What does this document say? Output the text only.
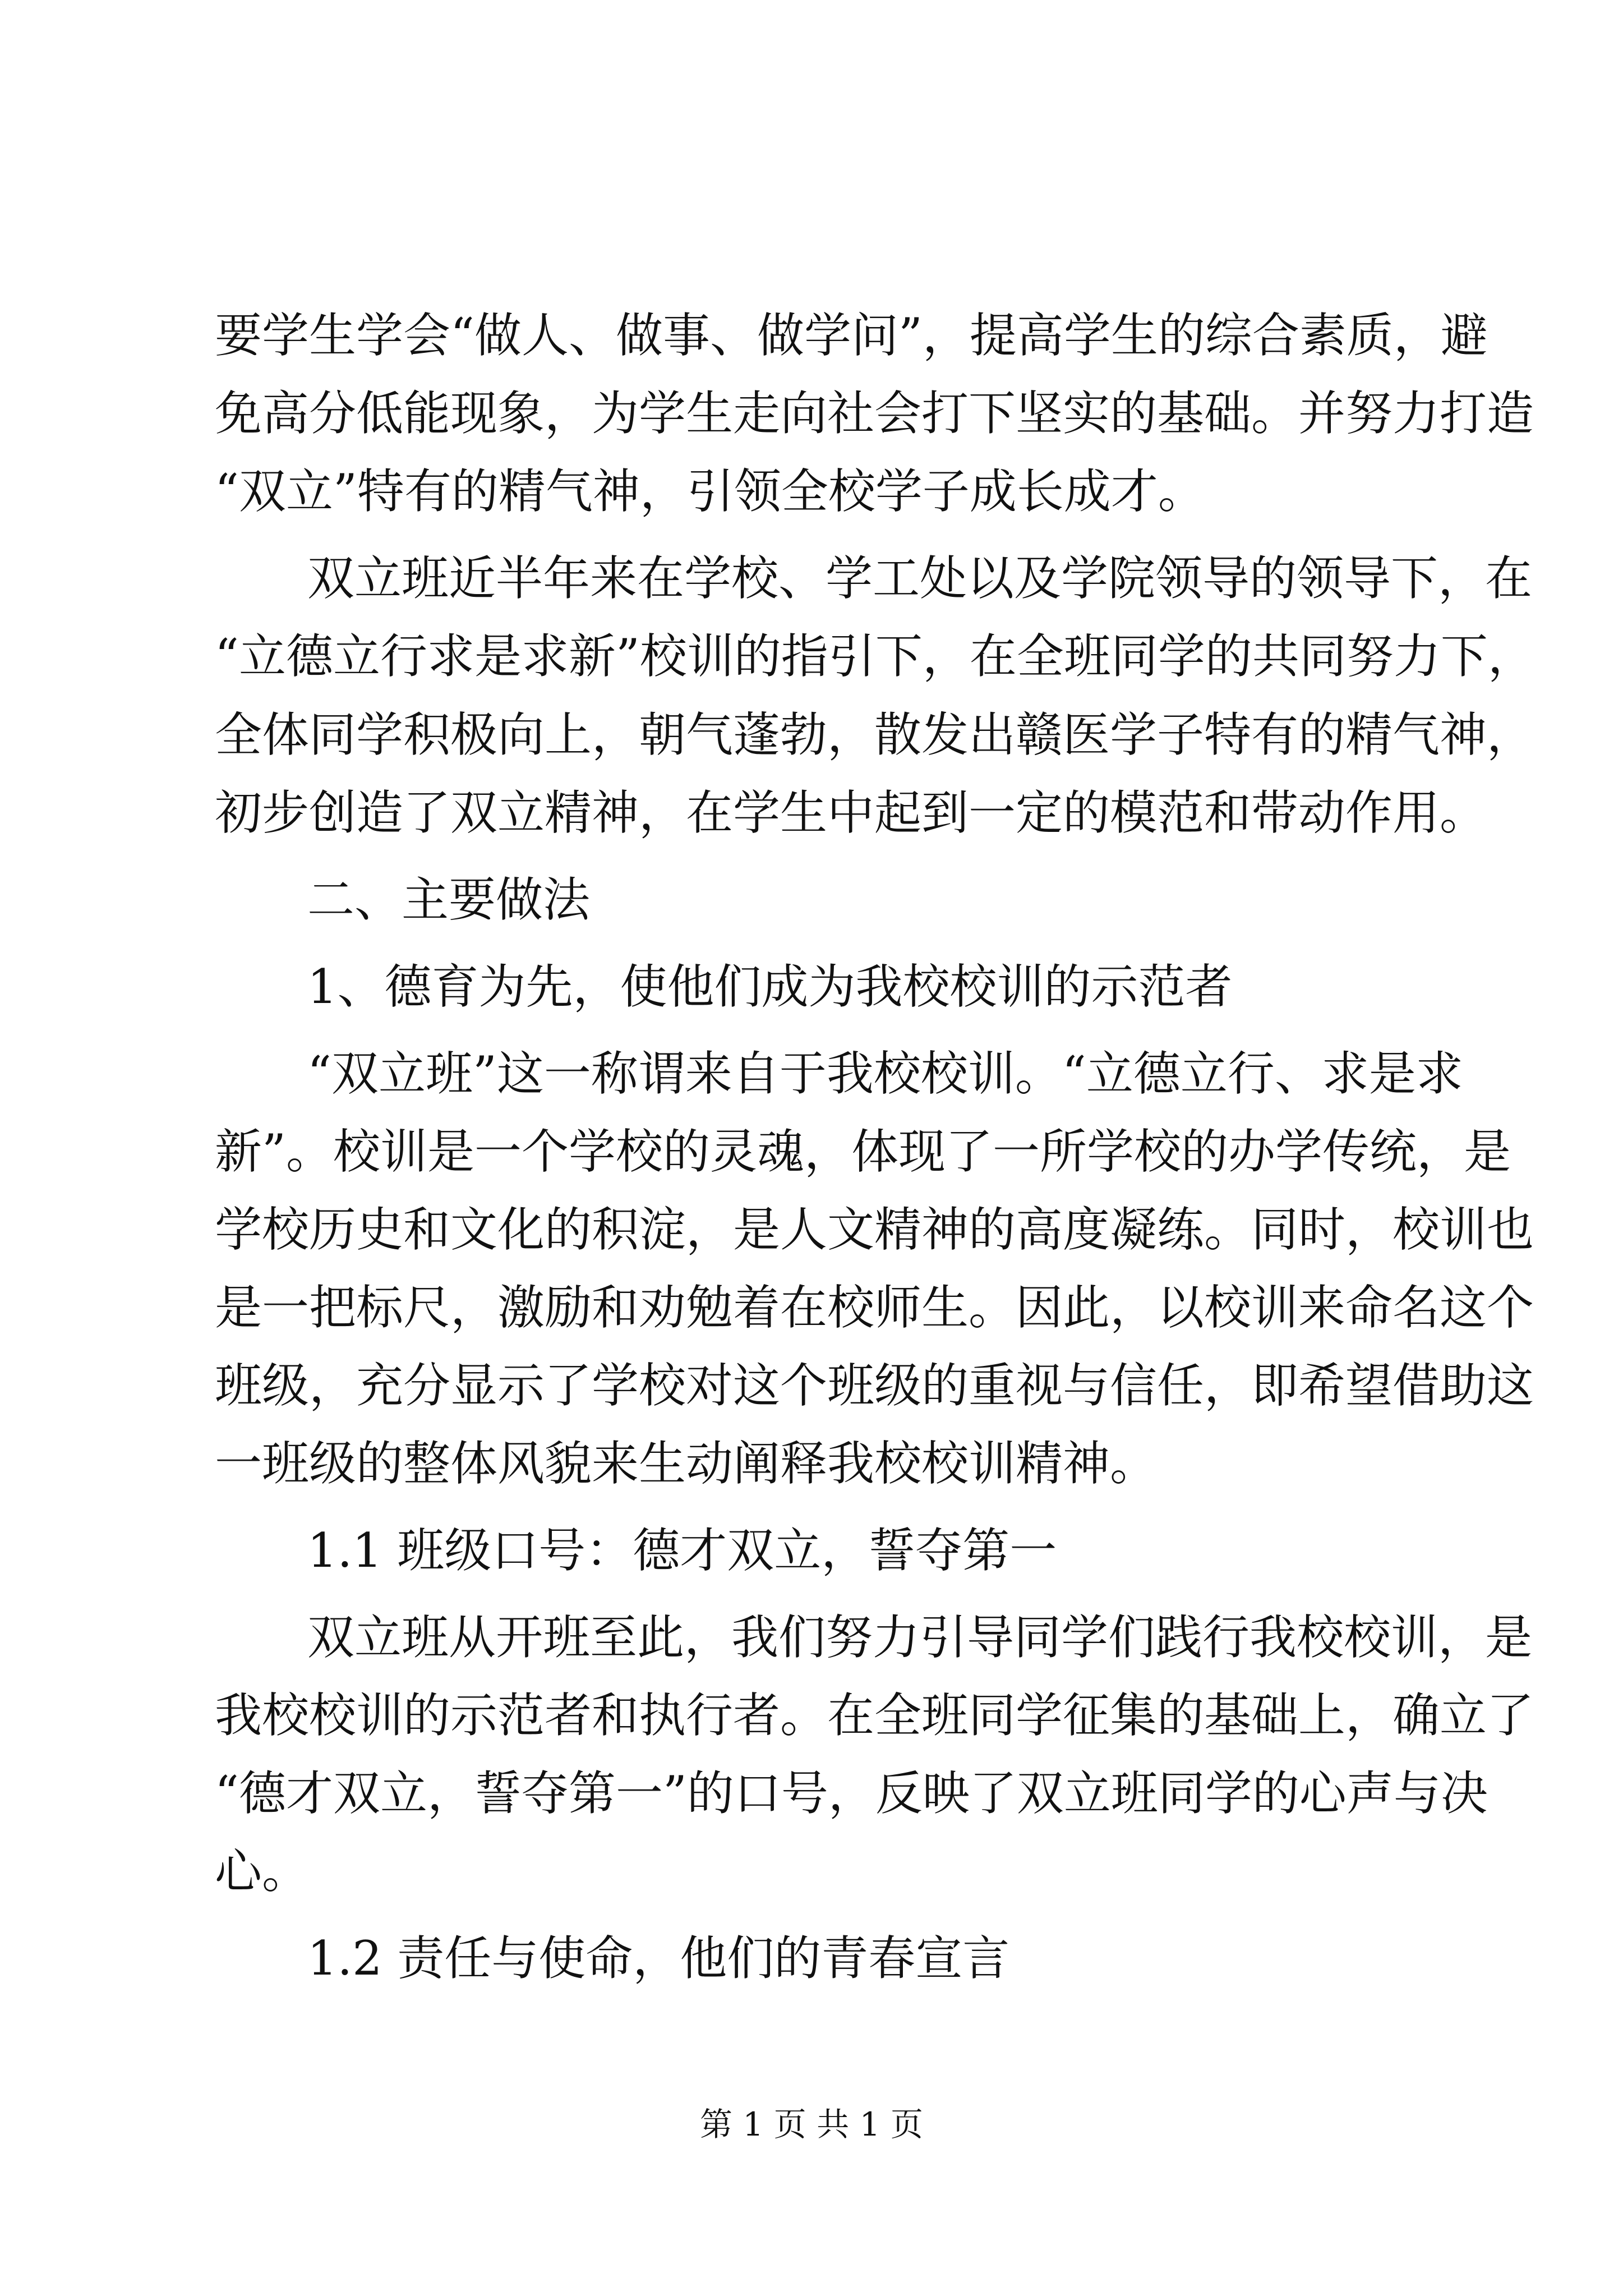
要学生学会“做人、做事、做学问”，提高学生的综合素质，避
免高分低能现象，为学生走向社会打下坚实的基础。并努力打造
“双立”特有的精气神，引领全校学子成长成才。
双立班近半年来在学校、学工处以及学院领导的领导下，在
“立德立行求是求新”校训的指引下，在全班同学的共同努力下，
全体同学积极向上，朝气蓬勃，散发出赣医学子特有的精气神，
初步创造了双立精神，在学生中起到一定的模范和带动作用。
二、主要做法
1、德育为先，使他们成为我校校训的示范者
“双立班”这一称谓来自于我校校训。“立德立行、求是求
新”。校训是一个学校的灵魂，体现了一所学校的办学传统，是
学校历史和文化的积淀，是人文精神的高度凝练。同时，校训也
是一把标尺，激励和劝勉着在校师生。因此，以校训来命名这个
班级，充分显示了学校对这个班级的重视与信任，即希望借助这
一班级的整体风貌来生动阐释我校校训精神。
1.1 班级口号：德才双立，誓夺第一
双立班从开班至此，我们努力引导同学们践行我校校训，是
我校校训的示范者和执行者。在全班同学征集的基础上，确立了
“德才双立，誓夺第一”的口号，反映了双立班同学的心声与决
心。
1.2 责任与使命，他们的青春宣言
第 1 页 共 1 页
